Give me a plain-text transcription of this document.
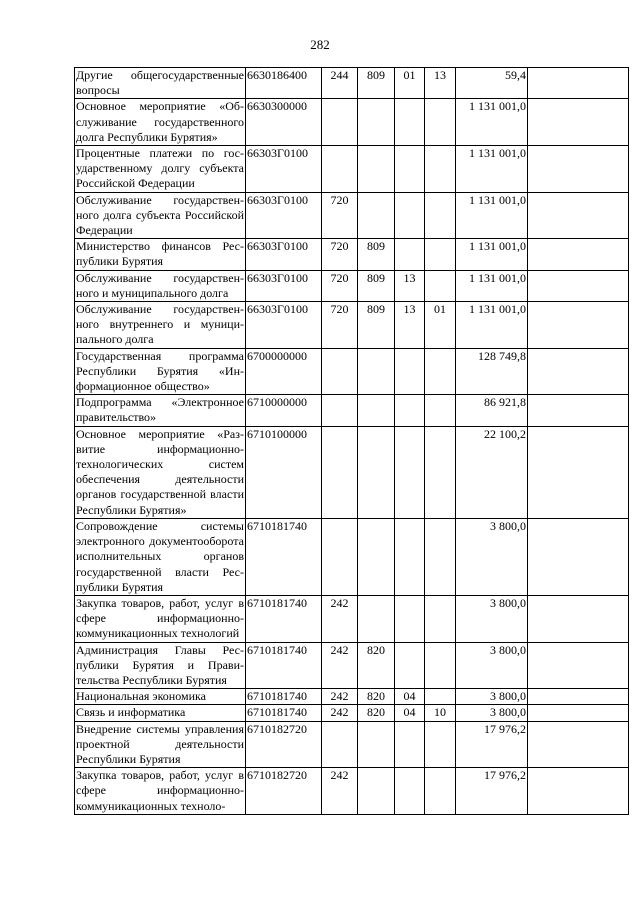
282
Другие общегосударственные вопросы	6630186400	244	809	01	13	59,4	
Основное мероприятие «Обслуживание государственного долга Республики Бурятия»	6630300000					1 131 001,0	
Процентные платежи по государственному долгу субъекта Российской Федерации	66303Г0100					1 131 001,0	
Обслуживание государственного долга субъекта Российской Федерации	66303Г0100	720				1 131 001,0	
Министерство финансов Республики Бурятия	66303Г0100	720	809			1 131 001,0	
Обслуживание государственного и муниципального долга	66303Г0100	720	809	13		1 131 001,0	
Обслуживание государственного внутреннего и муниципального долга	66303Г0100	720	809	13	01	1 131 001,0	
Государственная программа Республики Бурятия «Информационное общество»	6700000000					128 749,8	
Подпрограмма «Электронное правительство»	6710000000					86 921,8	
Основное мероприятие «Развитие информационно-технологических систем обеспечения деятельности органов государственной власти Республики Бурятия»	6710100000					22 100,2	
Сопровождение системы электронного документооборота исполнительных органов государственной власти Республики Бурятия	6710181740					3 800,0	
Закупка товаров, работ, услуг в сфере информационно-коммуникационных технологий	6710181740	242				3 800,0	
Администрация Главы Республики Бурятия и Правительства Республики Бурятия	6710181740	242	820			3 800,0	
Национальная экономика	6710181740	242	820	04		3 800,0	
Связь и информатика	6710181740	242	820	04	10	3 800,0	
Внедрение системы управления проектной деятельности Республики Бурятия	6710182720					17 976,2	
Закупка товаров, работ, услуг в сфере информационно-коммуникационных техноло-	6710182720	242				17 976,2	
